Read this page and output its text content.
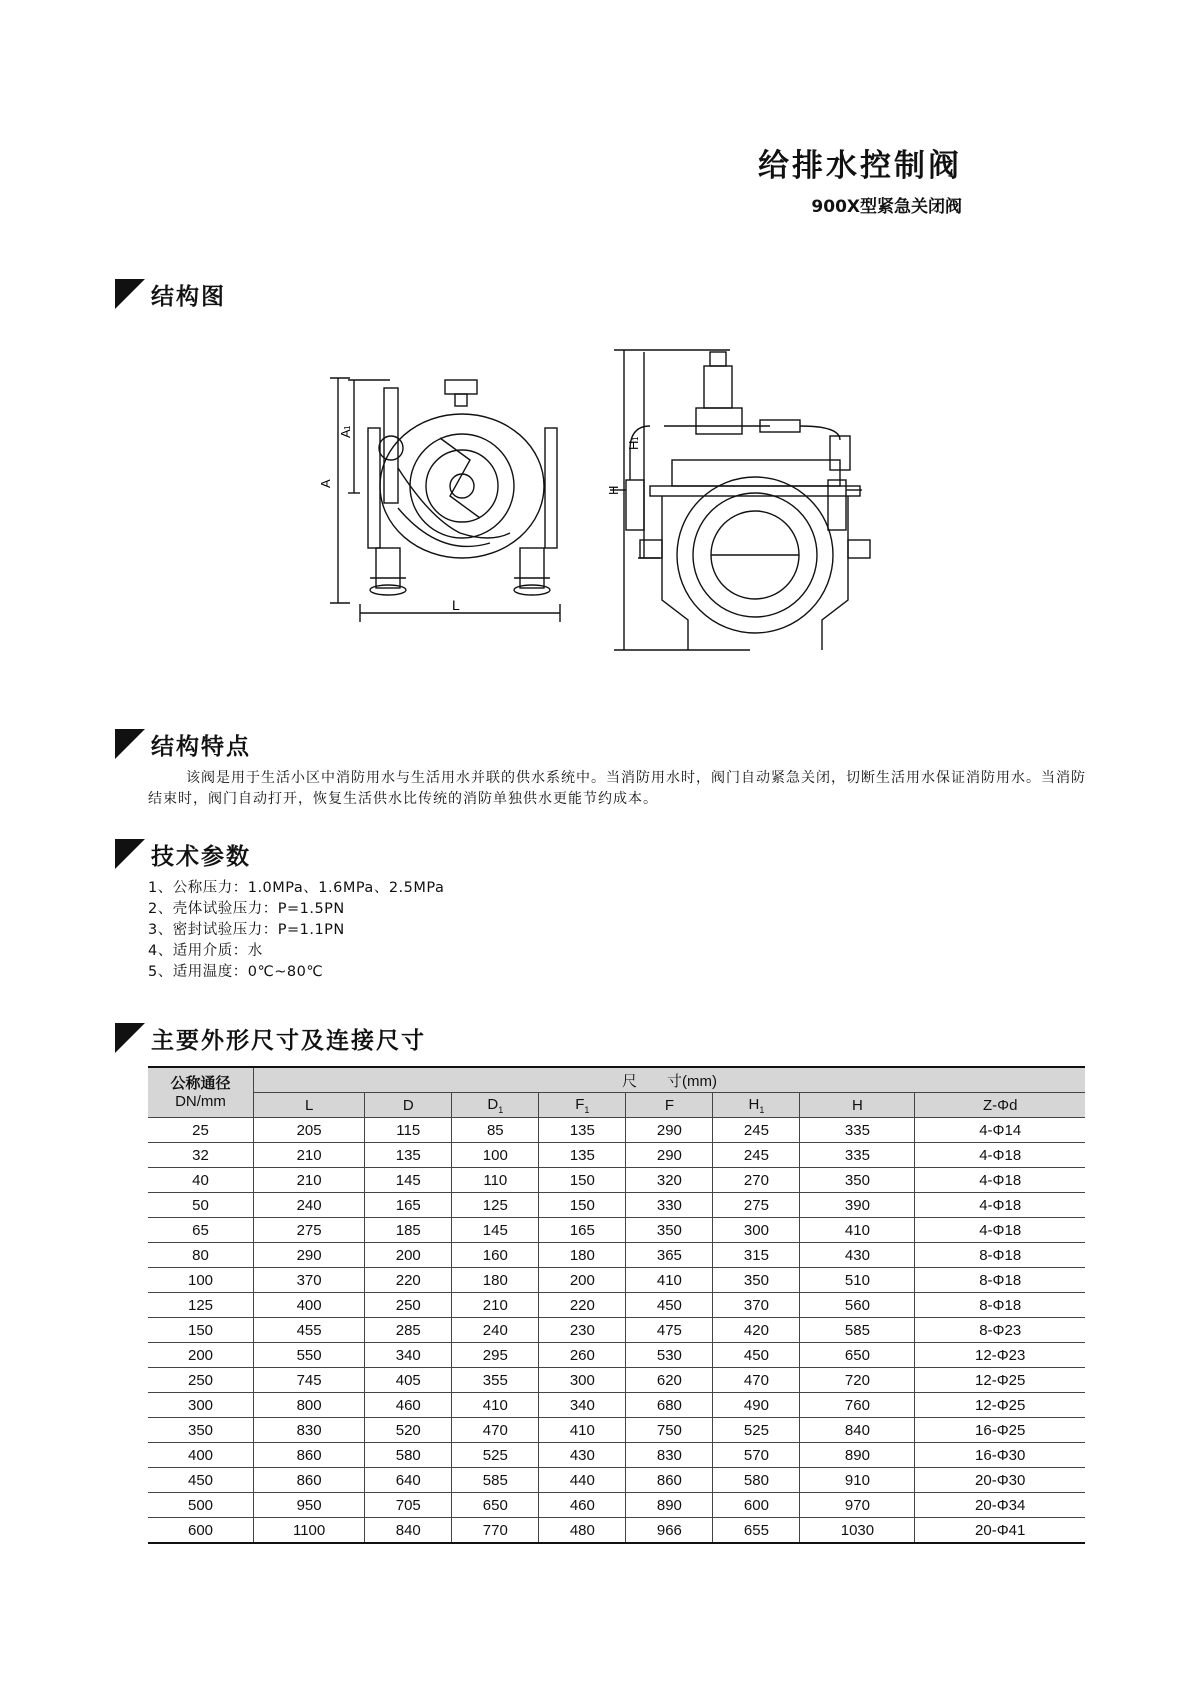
给排水控制阀
900X型紧急关闭阀
结构图
A
A
1
L
H
H
1
结构特点
该阀是用于生活小区中消防用水与生活用水并联的供水系统中。当消防用水时，阀门自动紧急关闭，切断生活用水保证消防用水。当消防结束时，阀门自动打开，恢复生活供水比传统的消防单独供水更能节约成本。
技术参数
1、公称压力：1.0MPa、1.6MPa、2.5MPa
2、壳体试验压力：P=1.5PN
3、密封试验压力：P=1.1PN
4、适用介质：水
5、适用温度：0℃~80℃
主要外形尺寸及连接尺寸
公称通径
DN/mm	尺　　寸(mm)							
	L	D	$D_1$	$F_1$	F	$H_1$	H	Z-Φd
25	205	115	85	135	290	245	335	4-Φ14
32	210	135	100	135	290	245	335	4-Φ18
40	210	145	110	150	320	270	350	4-Φ18
50	240	165	125	150	330	275	390	4-Φ18
65	275	185	145	165	350	300	410	4-Φ18
80	290	200	160	180	365	315	430	8-Φ18
100	370	220	180	200	410	350	510	8-Φ18
125	400	250	210	220	450	370	560	8-Φ18
150	455	285	240	230	475	420	585	8-Φ23
200	550	340	295	260	530	450	650	12-Φ23
250	745	405	355	300	620	470	720	12-Φ25
300	800	460	410	340	680	490	760	12-Φ25
350	830	520	470	410	750	525	840	16-Φ25
400	860	580	525	430	830	570	890	16-Φ30
450	860	640	585	440	860	580	910	20-Φ30
500	950	705	650	460	890	600	970	20-Φ34
600	1100	840	770	480	966	655	1030	20-Φ41
